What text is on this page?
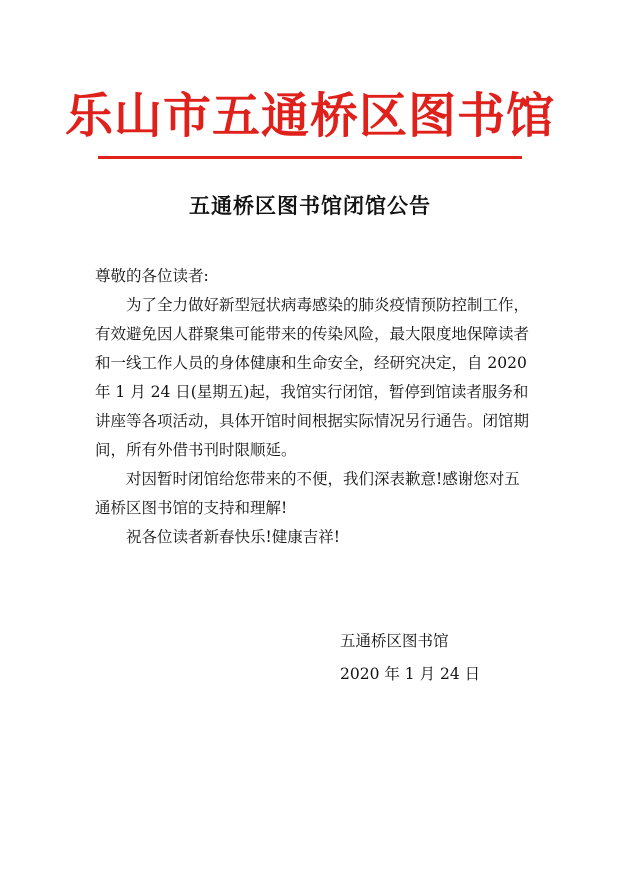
乐山市五通桥区图书馆
五通桥区图书馆闭馆公告

尊敬的各位读者:

为了全力做好新型冠状病毒感染的肺炎疫情预防控制工作，有效避免因人群聚集可能带来的传染风险，最大限度地保障读者和一线工作人员的身体健康和生命安全，经研究决定，自 2020 年 1 月 24 日(星期五)起，我馆实行闭馆，暂停到馆读者服务和讲座等各项活动，具体开馆时间根据实际情况另行通告。闭馆期间，所有外借书刊时限顺延。

对因暂时闭馆给您带来的不便，我们深表歉意!感谢您对五通桥区图书馆的支持和理解!

祝各位读者新春快乐!健康吉祥!

五通桥区图书馆
2020 年 1 月 24 日
